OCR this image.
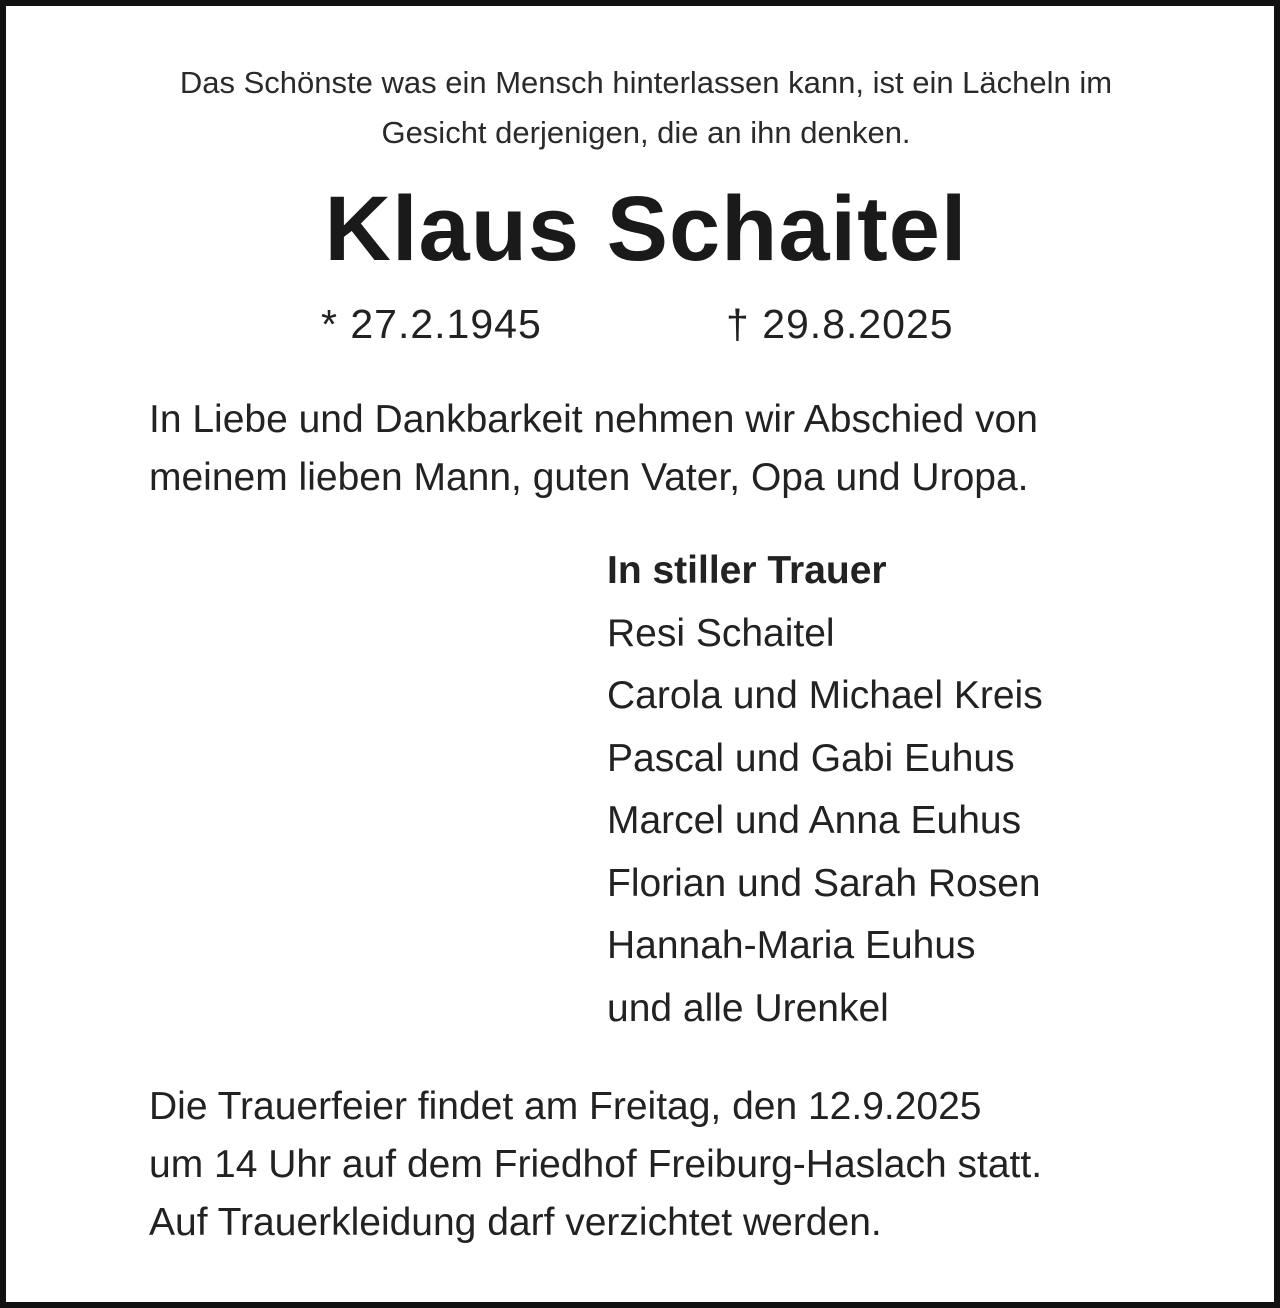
Das Schönste was ein Mensch hinterlassen kann, ist ein Lächeln im
Gesicht derjenigen, die an ihn denken.
Klaus Schaitel
* 27.2.1945	† 29.8.2025
In Liebe und Dankbarkeit nehmen wir Abschied von
meinem lieben Mann, guten Vater, Opa und Uropa.
In stiller Trauer
Resi Schaitel
Carola und Michael Kreis
Pascal und Gabi Euhus
Marcel und Anna Euhus
Florian und Sarah Rosen
Hannah-Maria Euhus
und alle Urenkel
Die Trauerfeier findet am Freitag, den 12.9.2025
um 14 Uhr auf dem Friedhof Freiburg-Haslach statt.
Auf Trauerkleidung darf verzichtet werden.
